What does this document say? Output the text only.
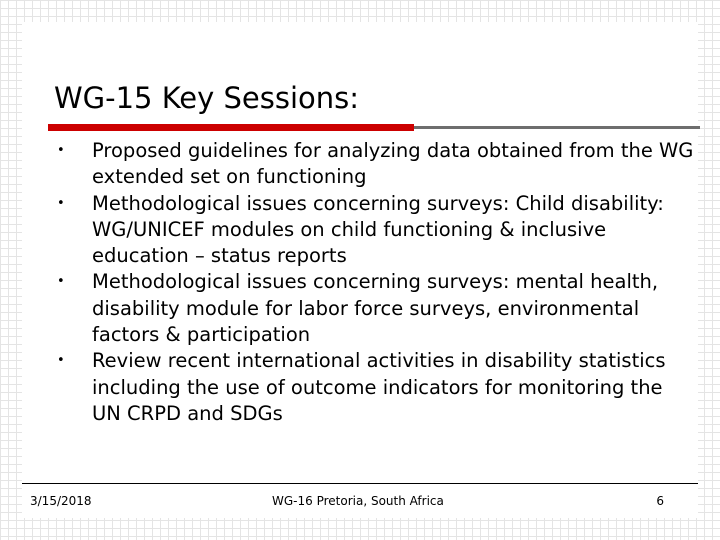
WG-15 Key Sessions:
• Proposed guidelines for analyzing data obtained from the WG extended set on functioning
• Methodological issues concerning surveys: Child disability: WG/UNICEF modules on child functioning & inclusive education – status reports
• Methodological issues concerning surveys: mental health, disability module for labor force surveys, environmental factors & participation
• Review recent international activities in disability statistics including the use of outcome indicators for monitoring the UN CRPD and SDGs
3/15/2018	WG-16 Pretoria, South Africa	6
